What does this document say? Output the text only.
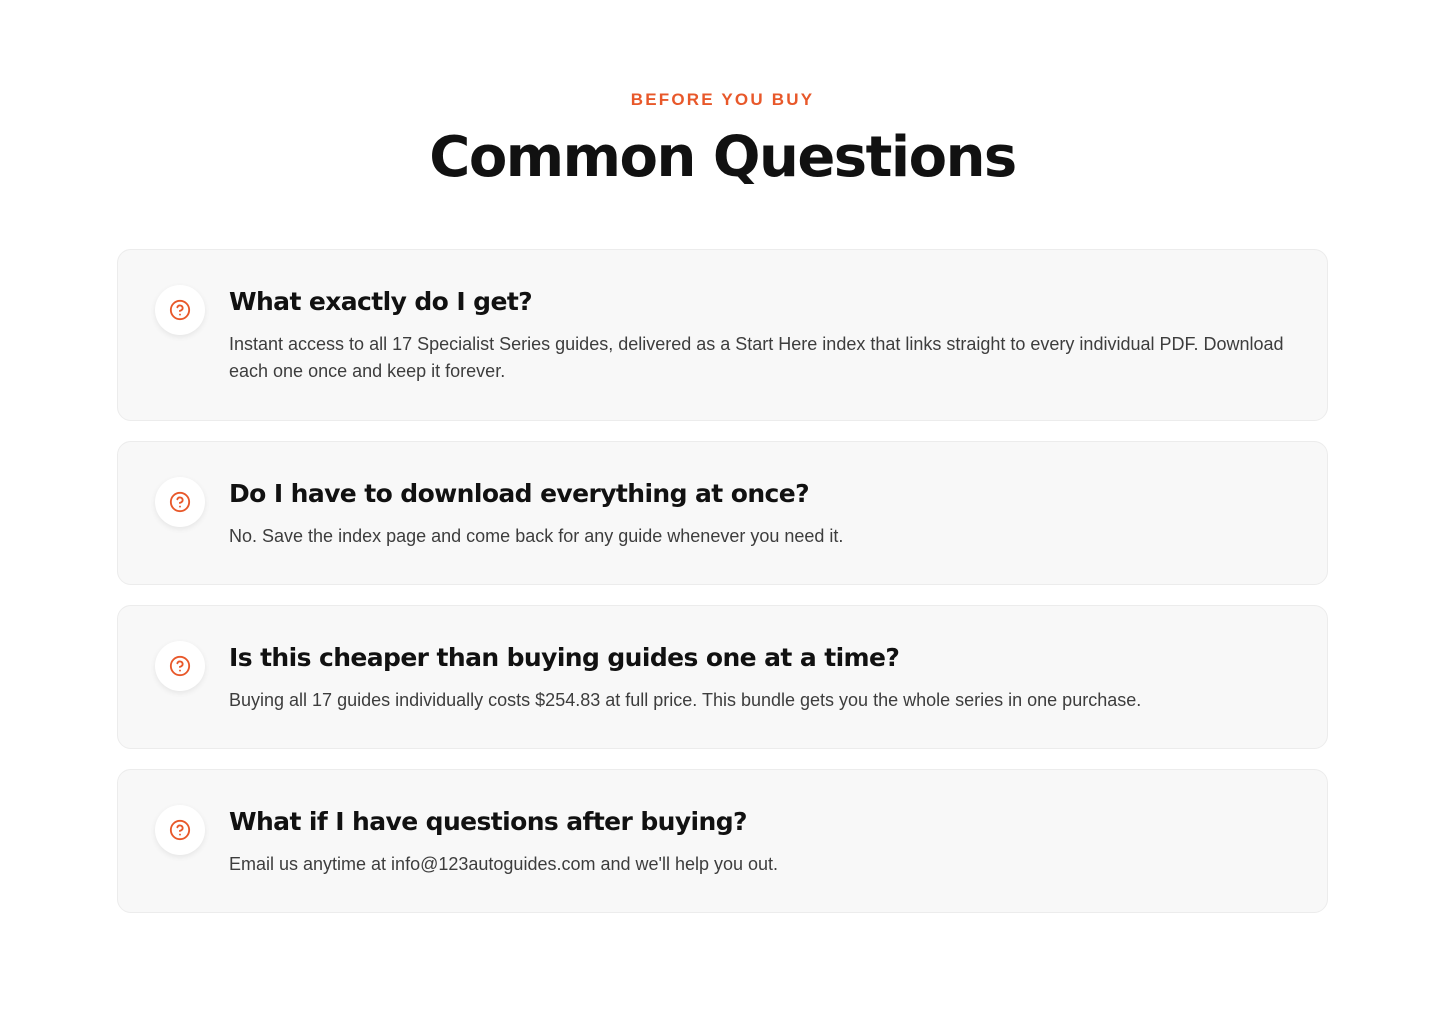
BEFORE YOU BUY
Common Questions
What exactly do I get?
Instant access to all 17 Specialist Series guides, delivered as a Start Here index that links straight to every individual PDF. Download each one once and keep it forever.
Do I have to download everything at once?
No. Save the index page and come back for any guide whenever you need it.
Is this cheaper than buying guides one at a time?
Buying all 17 guides individually costs $254.83 at full price. This bundle gets you the whole series in one purchase.
What if I have questions after buying?
Email us anytime at info@123autoguides.com and we'll help you out.
